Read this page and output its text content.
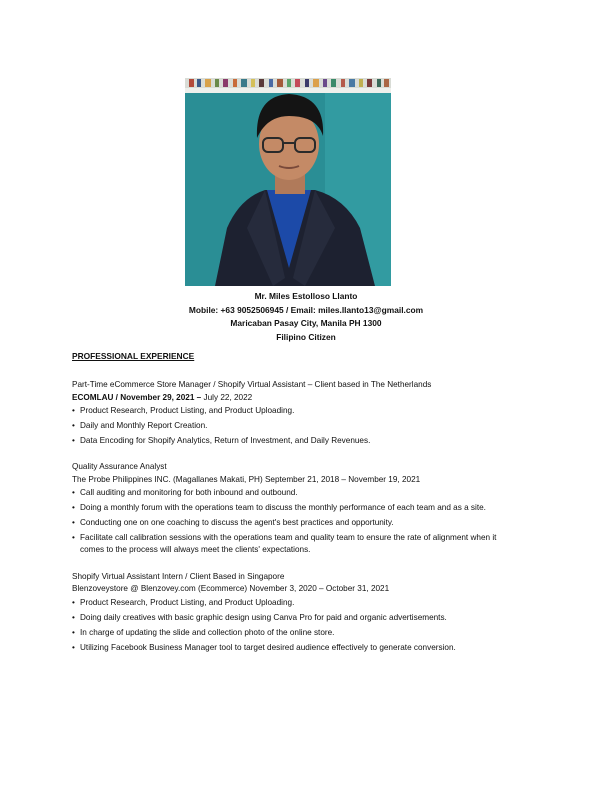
Mr. Miles Estolloso Llanto
Mobile: +63 9052506945 / Email: miles.llanto13@gmail.com
Maricaban Pasay City, Manila PH 1300
Filipino Citizen
PROFESSIONAL EXPERIENCE
Part-Time eCommerce Store Manager / Shopify Virtual Assistant – Client based in The Netherlands
ECOMLAU / November 29, 2021 – July 22, 2022
• Product Research, Product Listing, and Product Uploading.
• Daily and Monthly Report Creation.
• Data Encoding for Shopify Analytics, Return of Investment, and Daily Revenues.
Quality Assurance Analyst
The Probe Philippines INC. (Magallanes Makati, PH) September 21, 2018 – November 19, 2021
• Call auditing and monitoring for both inbound and outbound.
• Doing a monthly forum with the operations team to discuss the monthly performance of each team and as a site.
• Conducting one on one coaching to discuss the agent's best practices and opportunity.
• Facilitate call calibration sessions with the operations team and quality team to ensure the rate of alignment when it comes to the process will always meet the clients' expectations.
Shopify Virtual Assistant Intern / Client Based in Singapore
Blenzoveystore @ Blenzovey.com (Ecommerce) November 3, 2020 – October 31, 2021
• Product Research, Product Listing, and Product Uploading.
• Doing daily creatives with basic graphic design using Canva Pro for paid and organic advertisements.
• In charge of updating the slide and collection photo of the online store.
• Utilizing Facebook Business Manager tool to target desired audience effectively to generate conversion.
